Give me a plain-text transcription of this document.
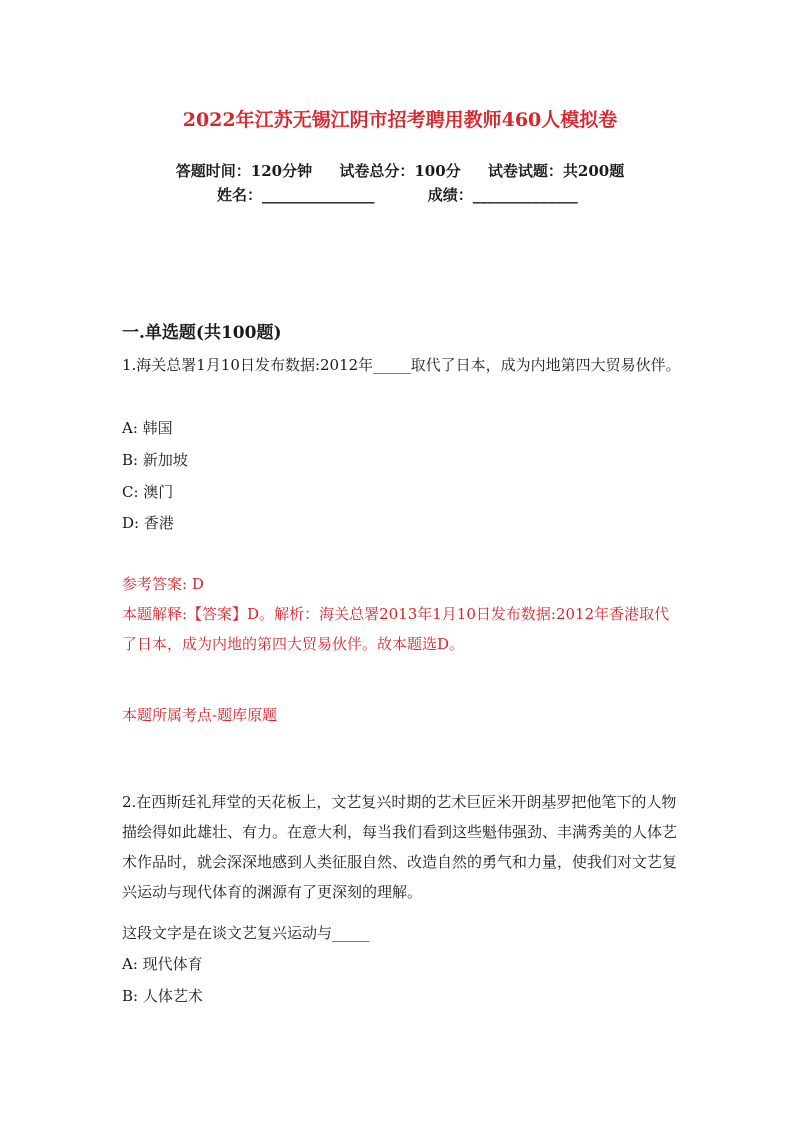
2022年江苏无锡江阴市招考聘用教师460人模拟卷
答题时间：120分钟 试卷总分：100分 试卷试题：共200题
姓名：_______________	成绩：______________
一.单选题(共100题)
1.海关总署1月10日发布数据:2012年_____取代了日本，成为内地第四大贸易伙伴。
A: 韩国
B: 新加坡
C: 澳门
D: 香港
参考答案: D
本题解释:【答案】D。解析：海关总署2013年1月10日发布数据:2012年香港取代了日本，成为内地的第四大贸易伙伴。故本题选D。
本题所属考点-题库原题
2.在西斯廷礼拜堂的天花板上，文艺复兴时期的艺术巨匠米开朗基罗把他笔下的人物描绘得如此雄壮、有力。在意大利，每当我们看到这些魁伟强劲、丰满秀美的人体艺术作品时，就会深深地感到人类征服自然、改造自然的勇气和力量，使我们对文艺复兴运动与现代体育的渊源有了更深刻的理解。
这段文字是在谈文艺复兴运动与_____
A: 现代体育
B: 人体艺术
